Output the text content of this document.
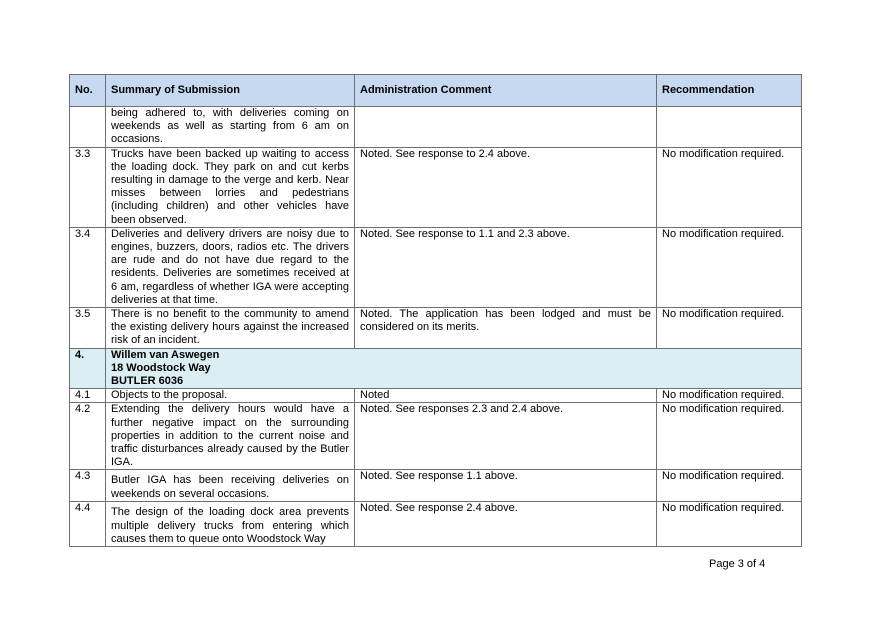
No.	Summary of Submission	Administration Comment	Recommendation
	being adhered to, with deliveries coming on weekends as well as starting from 6 am on occasions.		
3.3	Trucks have been backed up waiting to access the loading dock. They park on and cut kerbs resulting in damage to the verge and kerb. Near misses between lorries and pedestrians (including children) and other vehicles have been observed.	Noted. See response to 2.4 above.	No modification required.
3.4	Deliveries and delivery drivers are noisy due to engines, buzzers, doors, radios etc. The drivers are rude and do not have due regard to the residents. Deliveries are sometimes received at 6 am, regardless of whether IGA were accepting deliveries at that time.	Noted. See response to 1.1 and 2.3 above.	No modification required.
3.5	There is no benefit to the community to amend the existing delivery hours against the increased risk of an incident.	Noted. The application has been lodged and must be considered on its merits.	No modification required.
4.	Willem van Aswegen
18 Woodstock Way
BUTLER 6036		

4.1	Objects to the proposal.	Noted	No modification required.
4.2	Extending the delivery hours would have a further negative impact on the surrounding properties in addition to the current noise and traffic disturbances already caused by the Butler IGA.	Noted. See responses 2.3 and 2.4 above.	No modification required.
4.3	Butler IGA has been receiving deliveries on weekends on several occasions.	Noted. See response 1.1 above.	No modification required.
4.4	The design of the loading dock area prevents multiple delivery trucks from entering which causes them to queue onto Woodstock Way	Noted. See response 2.4 above.	No modification required.
Page 3 of 4
